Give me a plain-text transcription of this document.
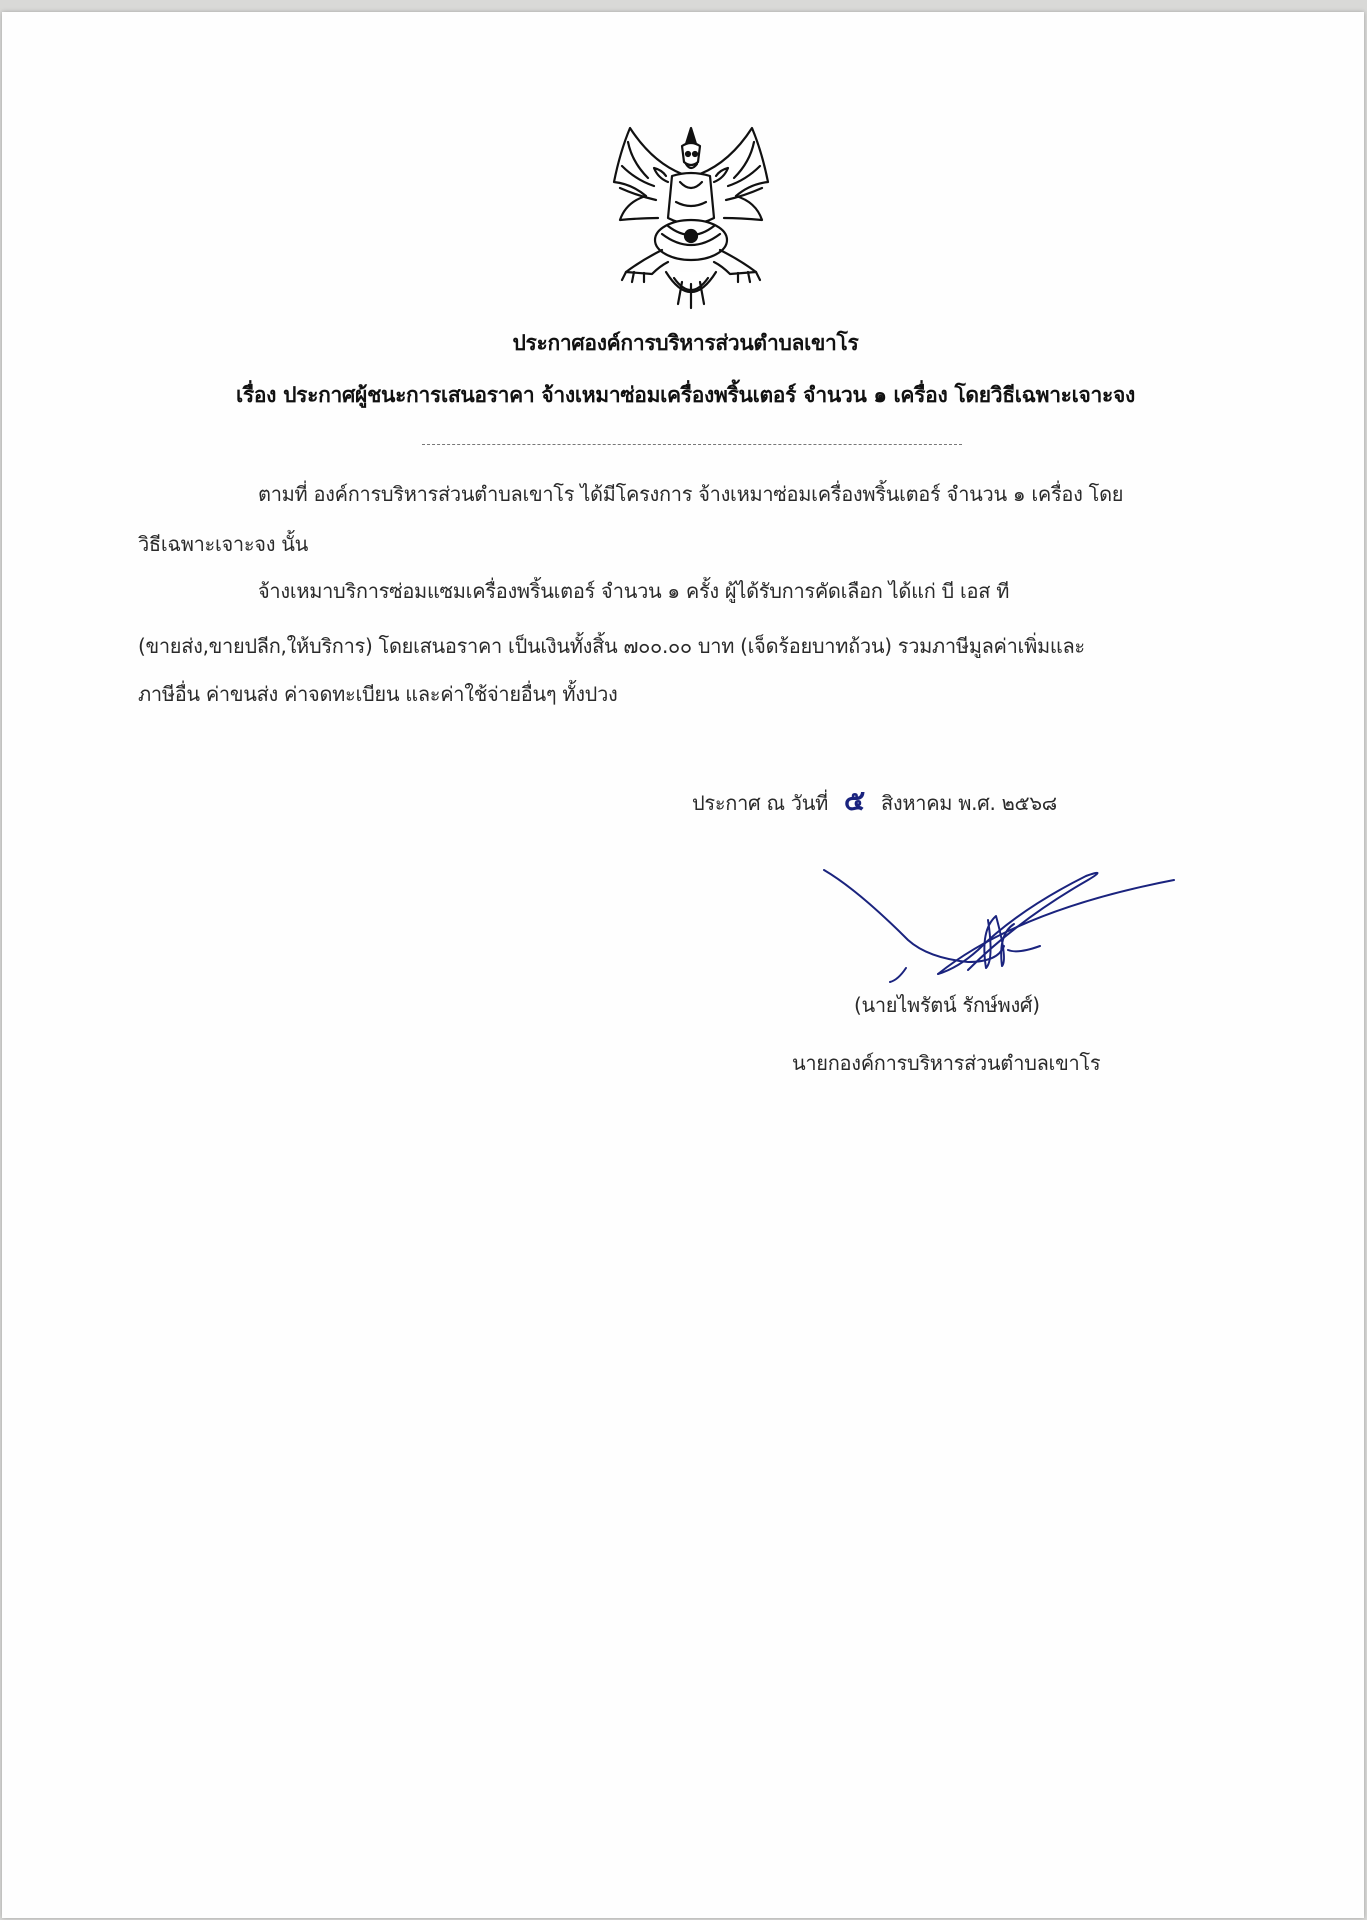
ประกาศองค์การบริหารส่วนตำบลเขาโร
เรื่อง ประกาศผู้ชนะการเสนอราคา จ้างเหมาซ่อมเครื่องพริ้นเตอร์ จำนวน ๑ เครื่อง โดยวิธีเฉพาะเจาะจง
ตามที่ องค์การบริหารส่วนตำบลเขาโร ได้มีโครงการ จ้างเหมาซ่อมเครื่องพริ้นเตอร์ จำนวน ๑ เครื่อง โดย
วิธีเฉพาะเจาะจง นั้น
จ้างเหมาบริการซ่อมแซมเครื่องพริ้นเตอร์ จำนวน ๑ ครั้ง ผู้ได้รับการคัดเลือก ได้แก่ บี เอส ที
(ขายส่ง,ขายปลีก,ให้บริการ) โดยเสนอราคา เป็นเงินทั้งสิ้น ๗๐๐.๐๐ บาท (เจ็ดร้อยบาทถ้วน) รวมภาษีมูลค่าเพิ่มและ
ภาษีอื่น ค่าขนส่ง ค่าจดทะเบียน และค่าใช้จ่ายอื่นๆ ทั้งปวง
ประกาศ ณ วันที่ ๕ สิงหาคม พ.ศ. ๒๕๖๘
(นายไพรัตน์ รักษ์พงศ์)
นายกองค์การบริหารส่วนตำบลเขาโร
